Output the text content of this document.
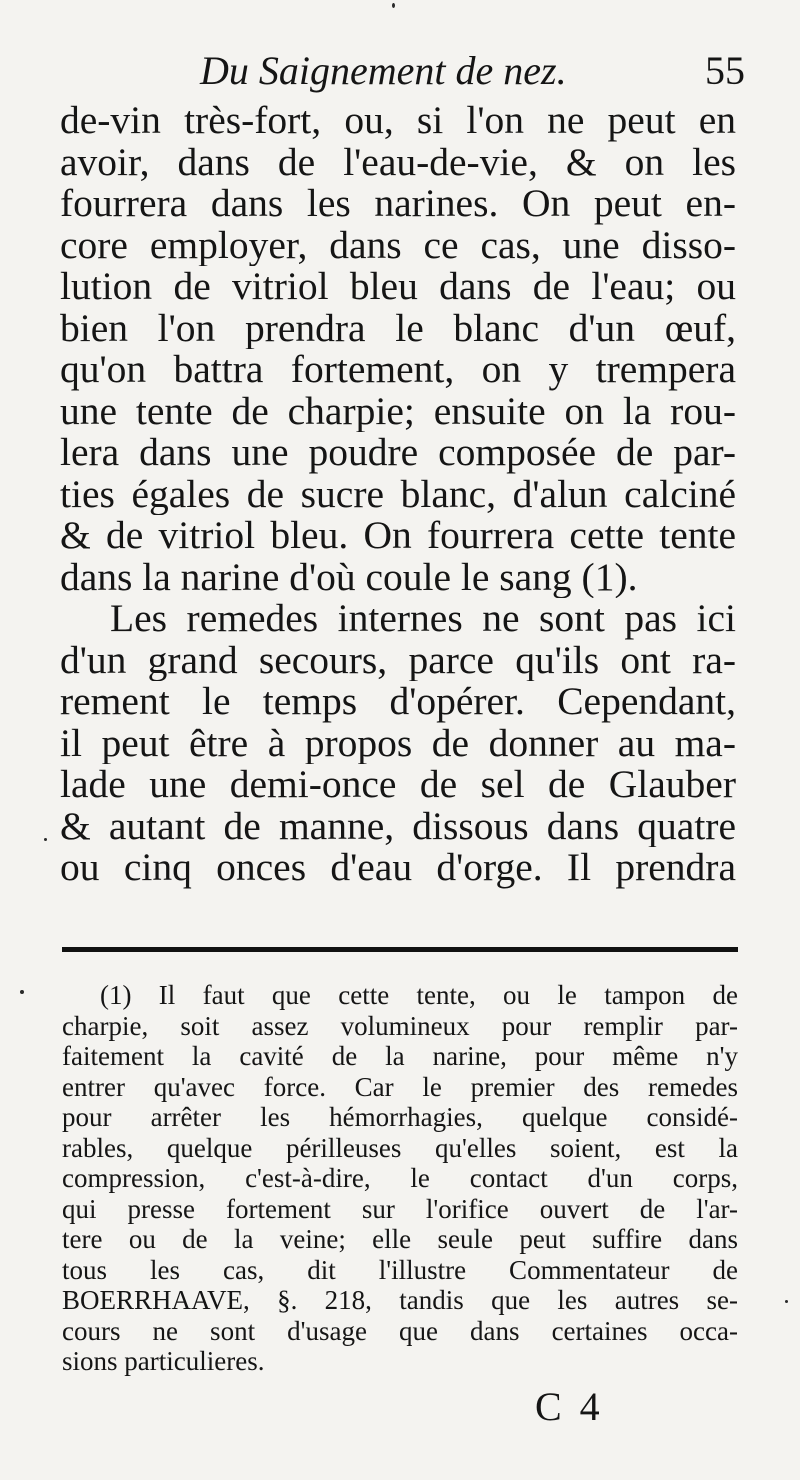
Du Saignement de nez.	55
de-vin très-fort, ou, si l'on ne peut en
avoir, dans de l'eau-de-vie, & on les
fourrera dans les narines. On peut en-
core employer, dans ce cas, une disso-
lution de vitriol bleu dans de l'eau; ou
bien l'on prendra le blanc d'un œuf,
qu'on battra fortement, on y trempera
une tente de charpie; ensuite on la rou-
lera dans une poudre composée de par-
ties égales de sucre blanc, d'alun calciné
& de vitriol bleu. On fourrera cette tente
dans la narine d'où coule le sang (1).
Les remedes internes ne sont pas ici
d'un grand secours, parce qu'ils ont ra-
rement le temps d'opérer. Cependant,
il peut être à propos de donner au ma-
lade une demi-once de sel de Glauber
& autant de manne, dissous dans quatre
ou cinq onces d'eau d'orge. Il prendra
(1) Il faut que cette tente, ou le tampon de
charpie, soit assez volumineux pour remplir par-
faitement la cavité de la narine, pour même n'y
entrer qu'avec force. Car le premier des remedes
pour arrêter les hémorrhagies, quelque considé-
rables, quelque périlleuses qu'elles soient, est la
compression, c'est-à-dire, le contact d'un corps,
qui presse fortement sur l'orifice ouvert de l'ar-
tere ou de la veine; elle seule peut suffire dans
tous les cas, dit l'illustre Commentateur de
BOERRHAAVE, §. 218, tandis que les autres se-
cours ne sont d'usage que dans certaines occa-
sions particulieres.
C 4
